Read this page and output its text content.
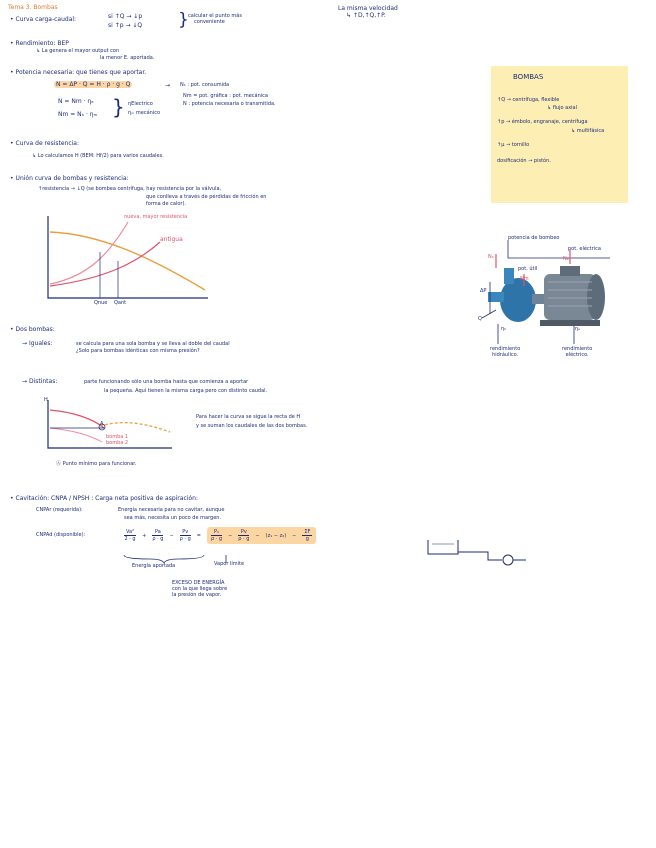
Tema 3. Bombas	La misma velocidad
↳ ↑D,↑Q,↑P.
• Curva carga-caudal:	si ↑Q → ↓p
si ↑p → ↓Q
calcular el punto más
conveniente
}
• Rendimiento: BEP
↳ La genera el mayor output con
la menor E. aportada.
• Potencia necesaria: que tienes que aportar.
N = ΔP · Q = H · ρ · g · Q	→ Nₕ : pot. consumida
Nm = pot. gráfica : pot. mecánica
N : potencia necesaria o transmitida.
N = Nm · ηₑ
Nm = Nₕ · ηₘ } ηElectrico
ηₘ mecánico
• Curva de resistencia:
↳ Lo calculamos H (BEM: Hf/2) para varios caudales.
• Unión curva de bombas y resistencia:
↑resistencia → ↓Q (se bombea centrífuga, hay resistencia por la válvula,
que conlleva a través de pérdidas de fricción en
forma de calor).
nueva, mayor resistencia
antigua
Qnue Qant
• Dos bombas:
→ Iguales:	se calcula para una sola bomba y se lleva al doble del caudal
¿Solo para bombas idénticas con misma presión?
→ Distintas:	parte funcionando sólo una bomba hasta que comienza a aportar
la pequeña. Aquí tienen la misma carga pero con distinto caudal.
H
A
bomba 1
bomba 2
Para hacer la curva se sigue la recta de H
y se suman los caudales de las dos bombas.
Ⓐ Punto mínimo para funcionar.
• Cavitación: CNPA / NPSH : Carga neta positiva de aspiración:
CNPAr (requerida):	Energía necesaria para no cavitar, aunque
sea más, necesita un poco de margen.
CNPAd (disponible):	$\frac{\text{Va²}}{2 \cdot g} + \frac{Pa}{\rho \cdot g} - \frac{Pv}{\rho \cdot g} = \frac{\text{P₁}}{\rho \cdot g} - \frac{Pv}{\rho \cdot g} - (z_1 - z_2) - \frac{\Sigma F}{g}$
Energía aportada	Vapor límite
EXCESO DE ENERGÍA
con la que llega sobre
la presión de vapor.
BOMBAS
↑Q → centrífuga, flexible
↳ flujo axial
↑p → émbolo, engranaje, centrífuga
↳ multifásica
↑μ → tornillo
dosificación → pistón.
potencia de bombeo
pot. eléctrica
pot. útil
Nₕ
Nm
Nₑ
ΔP
Q
ηₕ	ηₑ
rendimiento
hidráulico.
rendimiento
eléctrico.
